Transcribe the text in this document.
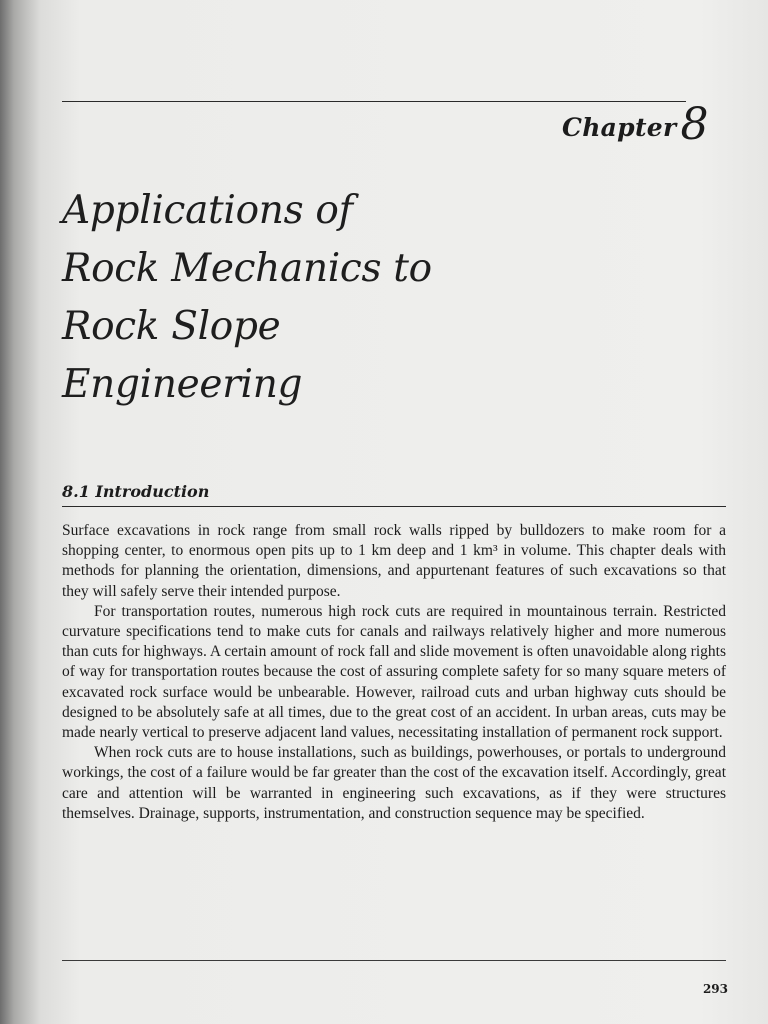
Chapter8
Applications of
Rock Mechanics to
Rock Slope
Engineering
8.1 Introduction

Surface excavations in rock range from small rock walls ripped by bulldozers to make room for a shopping center, to enormous open pits up to 1 km deep and 1 km³ in volume. This chapter deals with methods for planning the orientation, dimensions, and appurtenant features of such excavations so that they will safely serve their intended purpose.

For transportation routes, numerous high rock cuts are required in mountainous terrain. Restricted curvature specifications tend to make cuts for canals and railways relatively higher and more numerous than cuts for highways. A certain amount of rock fall and slide movement is often unavoidable along rights of way for transportation routes because the cost of assuring complete safety for so many square meters of excavated rock surface would be unbearable. However, railroad cuts and urban highway cuts should be designed to be absolutely safe at all times, due to the great cost of an accident. In urban areas, cuts may be made nearly vertical to preserve adjacent land values, necessitating installation of permanent rock support.

When rock cuts are to house installations, such as buildings, powerhouses, or portals to underground workings, the cost of a failure would be far greater than the cost of the excavation itself. Accordingly, great care and attention will be warranted in engineering such excavations, as if they were structures themselves. Drainage, supports, instrumentation, and construction sequence may be specified.

293
